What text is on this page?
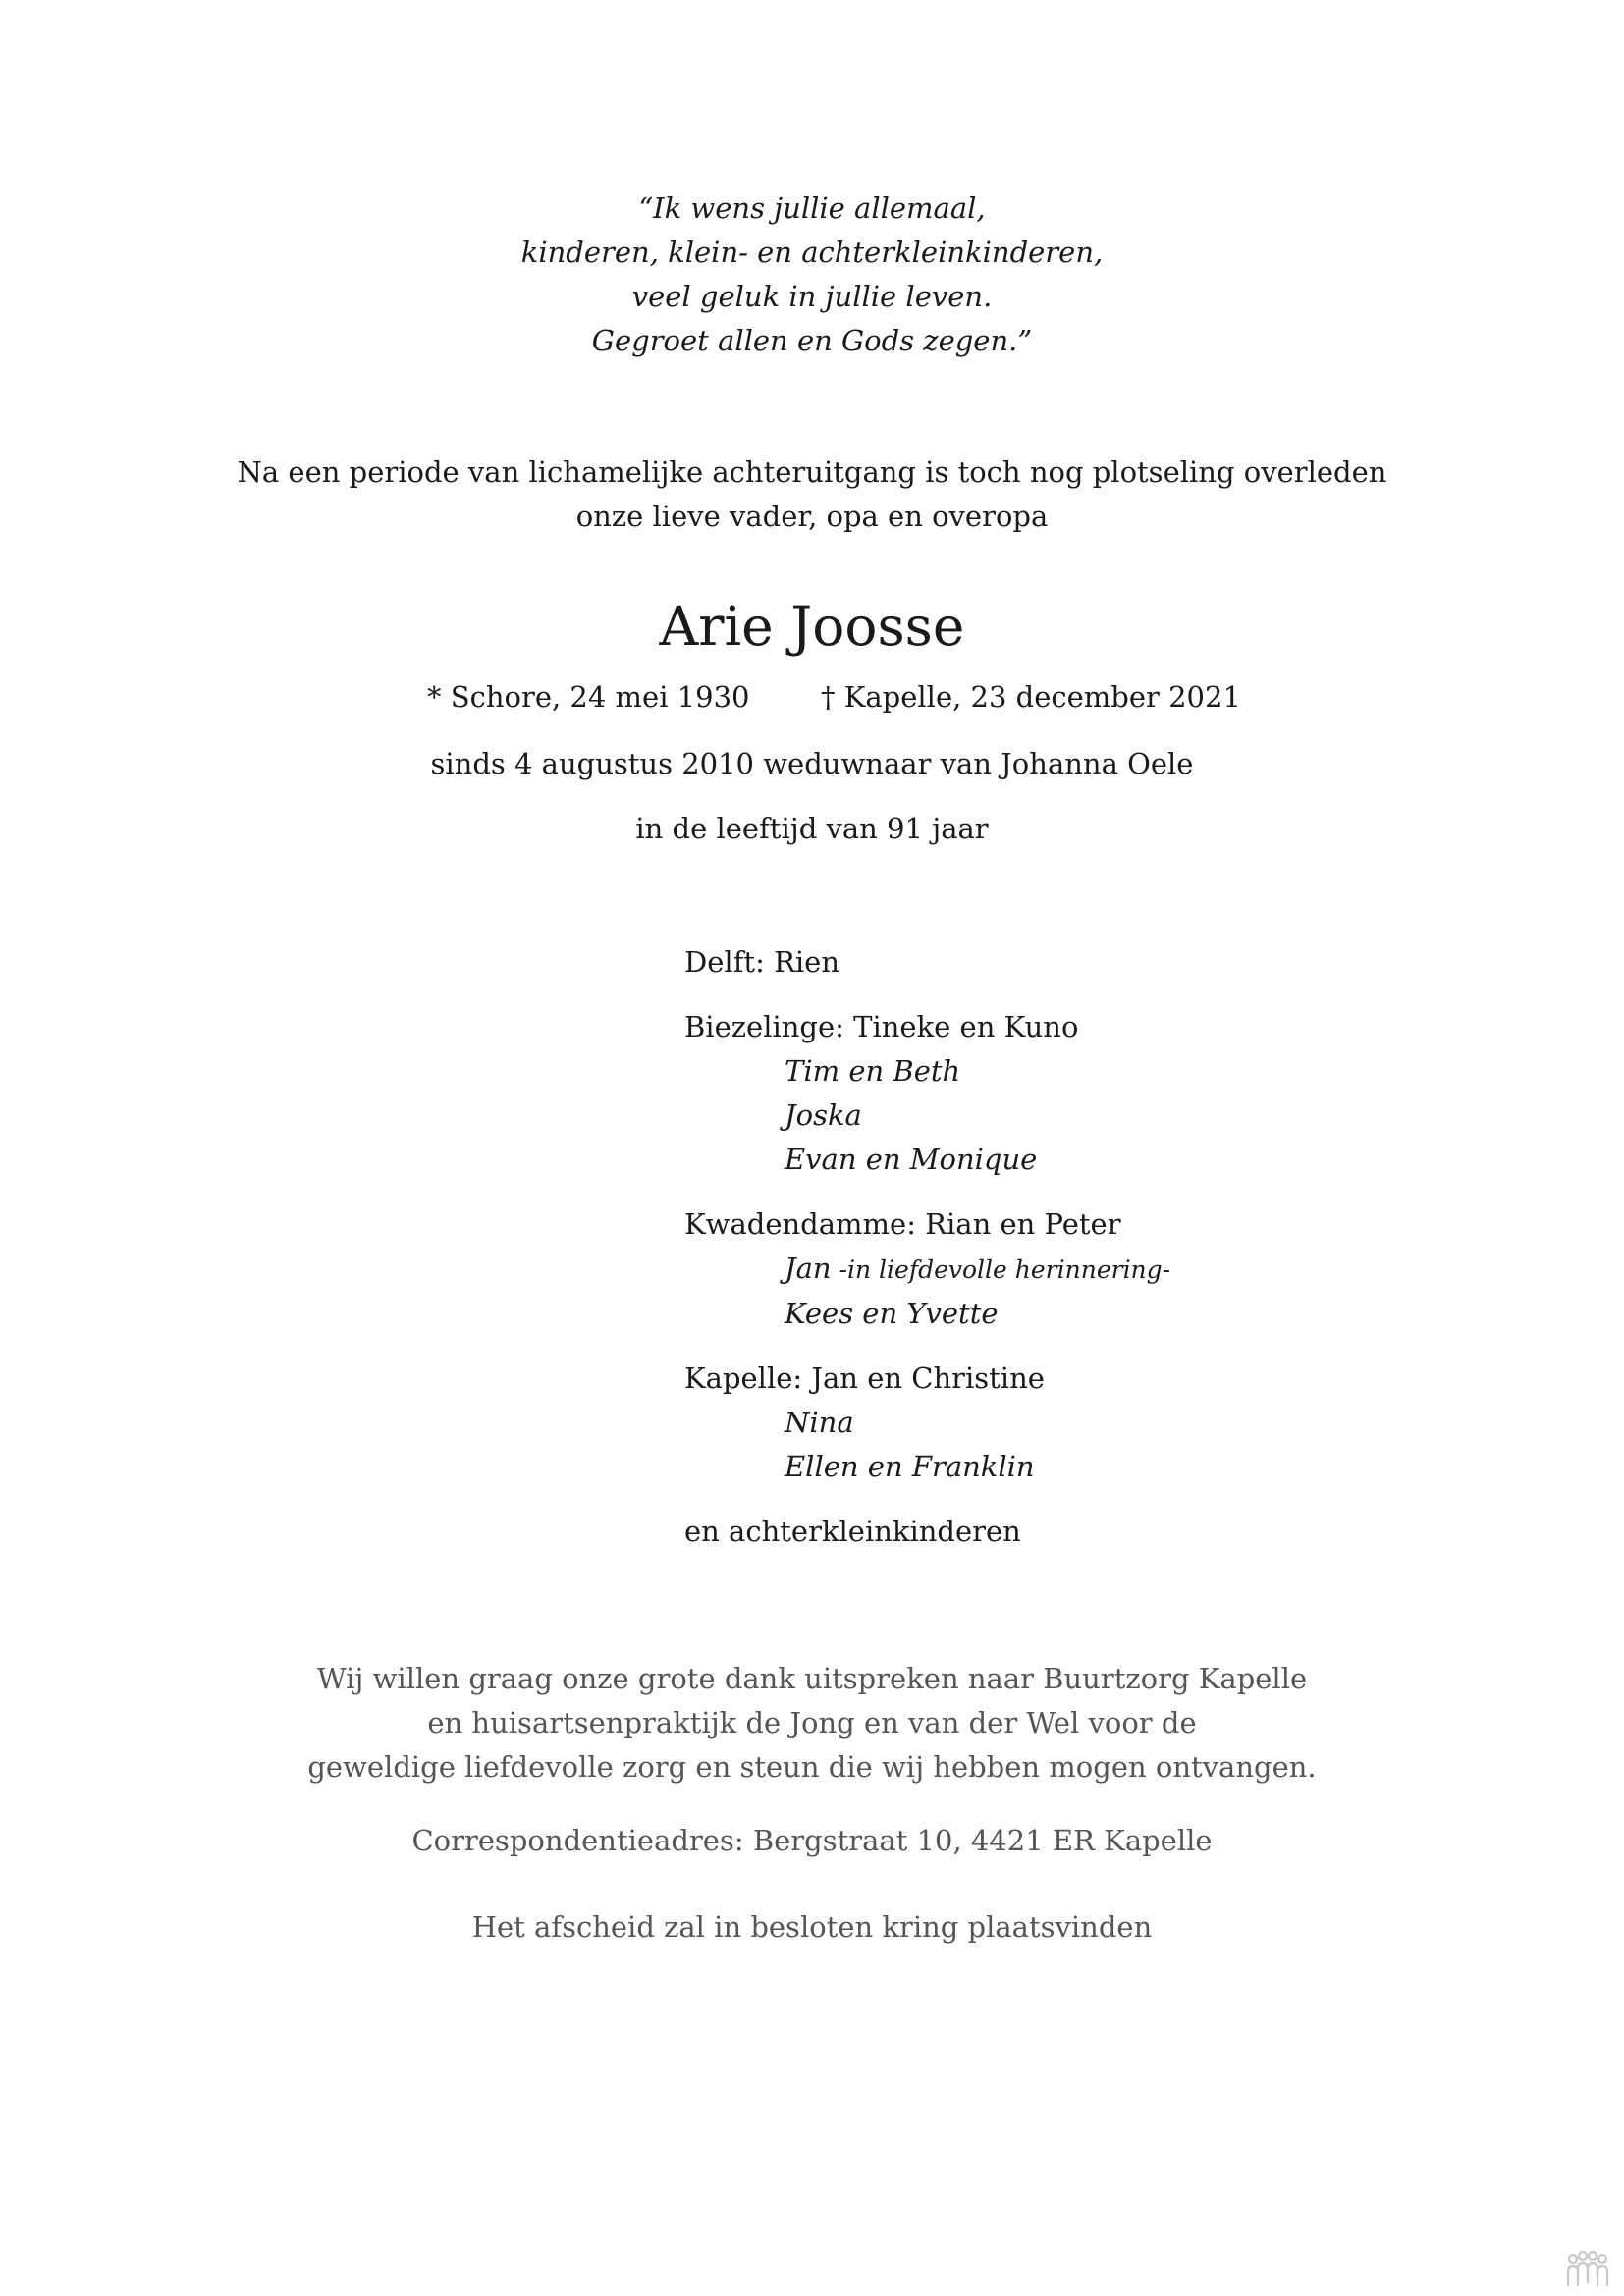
“Ik wens jullie allemaal,
kinderen, klein- en achterkleinkinderen,
veel geluk in jullie leven.
Gegroet allen en Gods zegen.”
Na een periode van lichamelijke achteruitgang is toch nog plotseling overleden
onze lieve vader, opa en overopa
Arie Joosse
* Schore, 24 mei 1930 † Kapelle, 23 december 2021
sinds 4 augustus 2010 weduwnaar van Johanna Oele
in de leeftijd van 91 jaar
Delft: Rien
Biezelinge: Tineke en Kuno
Tim en Beth
Joska
Evan en Monique
Kwadendamme: Rian en Peter
Jan -in liefdevolle herinnering-
Kees en Yvette
Kapelle: Jan en Christine
Nina
Ellen en Franklin
en achterkleinkinderen
Wij willen graag onze grote dank uitspreken naar Buurtzorg Kapelle
en huisartsenpraktijk de Jong en van der Wel voor de
geweldige liefdevolle zorg en steun die wij hebben mogen ontvangen.
Correspondentieadres: Bergstraat 10, 4421 ER Kapelle
Het afscheid zal in besloten kring plaatsvinden
